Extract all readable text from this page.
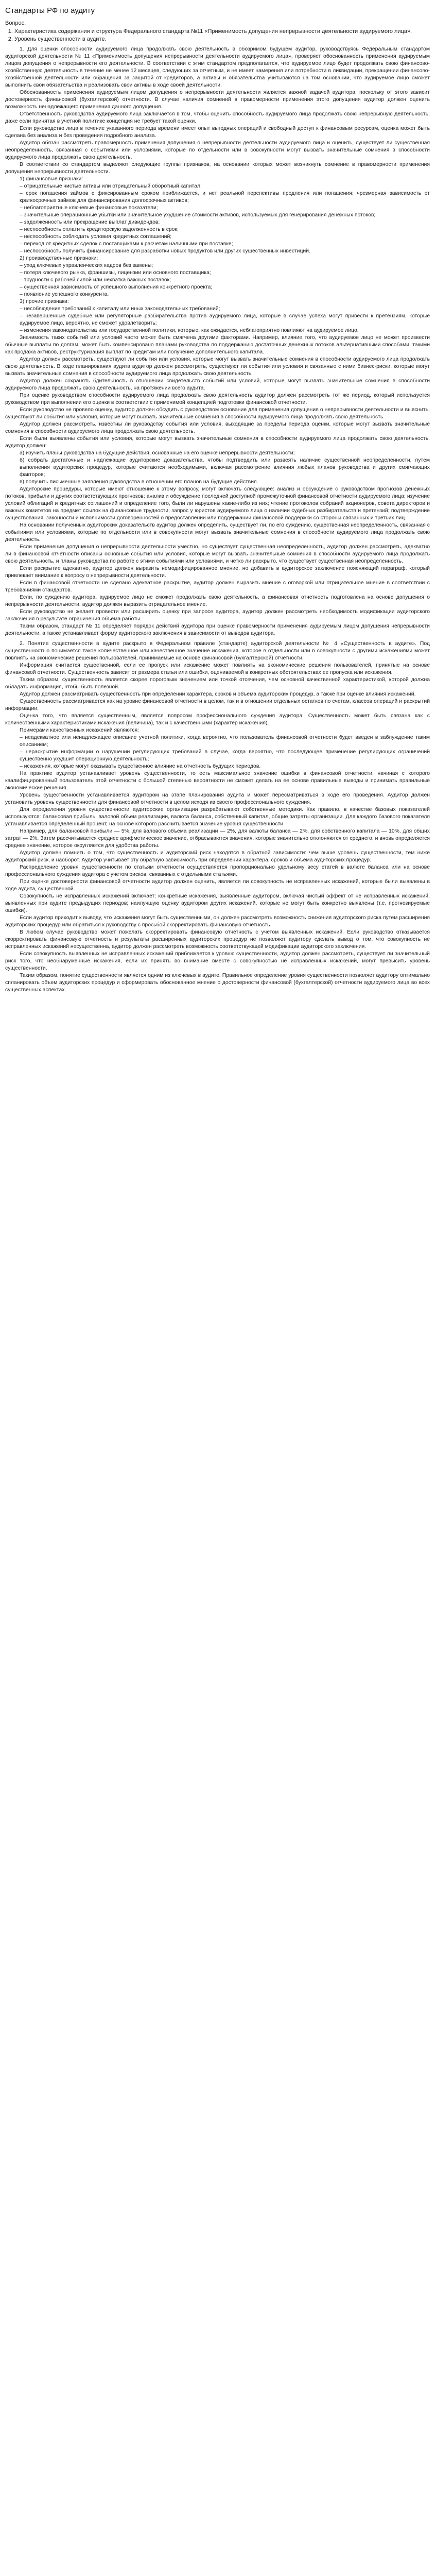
Стандарты РФ по аудиту
Вопрос:
1. Характеристика содержания и структура Федерального стандарта №11 «Применимость допущения непрерывности деятельности аудируемого лица».
2. Уровень существенности в аудите.

1. Для оценки способности аудируемого лица продолжать свою деятельность в обозримом будущем аудитор, руководствуясь Федеральным стандартом аудиторской деятельности № 11 «Применимость допущения непрерывности деятельности аудируемого лица», проверяет обоснованность применения аудируемым лицом допущения о непрерывности его деятельности. В соответствии с этим стандартом предполагается, что аудируемое лицо будет продолжать свою финансово-хозяйственную деятельность в течение не менее 12 месяцев, следующих за отчетным, и не имеет намерения или потребности в ликвидации, прекращении финансово-хозяйственной деятельности или обращения за защитой от кредиторов, а активы и обязательства учитываются на том основании, что аудируемое лицо сможет выполнить свои обязательства и реализовать свои активы в ходе своей деятельности.

Обоснованность применения аудируемым лицом допущения о непрерывности деятельности является важной задачей аудитора, поскольку от этого зависит достоверность финансовой (бухгалтерской) отчетности. В случае наличия сомнений в правомерности применения этого допущения аудитор должен оценить возможность ненадлежащего применения данного допущения.

Ответственность руководства аудируемого лица заключается в том, чтобы оценить способность аудируемого лица продолжать свою непрерывную деятельность, даже если принятая в учетной политике концепция не требует такой оценки.

Если руководство лица в течение указанного периода времени имеет опыт выгодных операций и свободный доступ к финансовым ресурсам, оценка может быть сделана без анализа и без проведения подробного анализа.

Аудитор обязан рассмотреть правомерность применения допущения о непрерывности деятельности аудируемого лица и оценить, существует ли существенная неопределенность, связанная с событиями или условиями, которые по отдельности или в совокупности могут вызвать значительные сомнения в способности аудируемого лица продолжать свою деятельность.

В соответствии со стандартом выделяют следующие группы признаков, на основании которых может возникнуть сомнение в правомерности применения допущения непрерывности деятельности.

1) финансовые признаки:

– отрицательные чистые активы или отрицательный оборотный капитал;

– срок погашения займов с фиксированным сроком приближается, и нет реальной перспективы продления или погашения; чрезмерная зависимость от краткосрочных займов для финансирования долгосрочных активов;

– неблагоприятные ключевые финансовые показатели;

– значительные операционные убытки или значительное ухудшение стоимости активов, используемых для генерирования денежных потоков;

– задолженность или прекращение выплат дивидендов;

– неспособность оплатить кредиторскую задолженность в срок;

– неспособность соблюдать условия кредитных соглашений;

– переход от кредитных сделок с поставщиками к расчетам наличными при поставке;

– неспособность получить финансирование для разработки новых продуктов или других существенных инвестиций.

2) производственные признаки:

– уход ключевых управленческих кадров без замены;

– потеря ключевого рынка, франшизы, лицензии или основного поставщика;

– трудности с рабочей силой или нехватка важных поставок;

– существенная зависимость от успешного выполнения конкретного проекта;

– появление успешного конкурента.

3) прочие признаки:

– несоблюдение требований к капиталу или иных законодательных требований;

– незавершенные судебные или регуляторные разбирательства против аудируемого лица, которые в случае успеха могут привести к претензиям, которые аудируемое лицо, вероятно, не сможет удовлетворить;

– изменения законодательства или государственной политики, которые, как ожидается, неблагоприятно повлияют на аудируемое лицо.

Значимость таких событий или условий часто может быть смягчена другими факторами. Например, влияние того, что аудируемое лицо не может произвести обычные выплаты по долгам, может быть компенсировано планами руководства по поддержанию достаточных денежных потоков альтернативными способами, такими как продажа активов, реструктуризация выплат по кредитам или получение дополнительного капитала.

Аудитор должен рассмотреть, существуют ли события или условия, которые могут вызвать значительные сомнения в способности аудируемого лица продолжать свою деятельность. В ходе планирования аудита аудитор должен рассмотреть, существуют ли события или условия и связанные с ними бизнес-риски, которые могут вызвать значительные сомнения в способности аудируемого лица продолжать свою деятельность.

Аудитор должен сохранять бдительность в отношении свидетельств событий или условий, которые могут вызвать значительные сомнения в способности аудируемого лица продолжать свою деятельность, на протяжении всего аудита.

При оценке руководством способности аудируемого лица продолжать свою деятельность аудитор должен рассмотреть тот же период, который используется руководством при выполнении его оценки в соответствии с применимой концепцией подготовки финансовой отчетности.

Если руководство не провело оценку, аудитор должен обсудить с руководством основание для применения допущения о непрерывности деятельности и выяснить, существуют ли события или условия, которые могут вызвать значительные сомнения в способности аудируемого лица продолжать свою деятельность.

Аудитор должен рассмотреть, известны ли руководству события или условия, выходящие за пределы периода оценки, которые могут вызвать значительные сомнения в способности аудируемого лица продолжать свою деятельность.

Если были выявлены события или условия, которые могут вызвать значительные сомнения в способности аудируемого лица продолжать свою деятельность, аудитор должен:

а) изучить планы руководства на будущие действия, основанные на его оценке непрерывности деятельности;

б) собрать достаточные и надлежащие аудиторские доказательства, чтобы подтвердить или развеять наличие существенной неопределенности, путем выполнения аудиторских процедур, которые считаются необходимыми, включая рассмотрение влияния любых планов руководства и других смягчающих факторов;

в) получить письменные заявления руководства в отношении его планов на будущие действия.

Аудиторские процедуры, которые имеют отношение к этому вопросу, могут включать следующее: анализ и обсуждение с руководством прогнозов денежных потоков, прибыли и других соответствующих прогнозов; анализ и обсуждение последней доступной промежуточной финансовой отчетности аудируемого лица; изучение условий облигаций и кредитных соглашений и определение того, были ли нарушены какие-либо из них; чтение протоколов собраний акционеров, совета директоров и важных комитетов на предмет ссылок на финансовые трудности; запрос у юристов аудируемого лица о наличии судебных разбирательств и претензий; подтверждение существования, законности и исполнимости договоренностей о предоставлении или поддержании финансовой поддержки со стороны связанных и третьих лиц.

На основании полученных аудиторских доказательств аудитор должен определить, существует ли, по его суждению, существенная неопределенность, связанная с событиями или условиями, которые по отдельности или в совокупности могут вызвать значительные сомнения в способности аудируемого лица продолжать свою деятельность.

Если применение допущения о непрерывности деятельности уместно, но существует существенная неопределенность, аудитор должен рассмотреть, адекватно ли в финансовой отчетности описаны основные события или условия, которые могут вызвать значительные сомнения в способности аудируемого лица продолжать свою деятельность, и планы руководства по работе с этими событиями или условиями, и четко ли раскрыто, что существует существенная неопределенность.

Если раскрытие адекватно, аудитор должен выразить немодифицированное мнение, но добавить в аудиторское заключение поясняющий параграф, который привлекает внимание к вопросу о непрерывности деятельности.

Если в финансовой отчетности не сделано адекватное раскрытие, аудитор должен выразить мнение с оговоркой или отрицательное мнение в соответствии с требованиями стандартов.

Если, по суждению аудитора, аудируемое лицо не сможет продолжать свою деятельность, а финансовая отчетность подготовлена на основе допущения о непрерывности деятельности, аудитор должен выразить отрицательное мнение.

Если руководство не желает провести или расширить оценку при запросе аудитора, аудитор должен рассмотреть необходимость модификации аудиторского заключения в результате ограничения объема работы.

Таким образом, стандарт № 11 определяет порядок действий аудитора при оценке правомерности применения аудируемым лицом допущения непрерывности деятельности, а также устанавливает форму аудиторского заключения в зависимости от выводов аудитора.

2. Понятие существенности в аудите раскрыто в Федеральном правиле (стандарте) аудиторской деятельности № 4 «Существенность в аудите». Под существенностью понимается такое количественное или качественное значение искажения, которое в отдельности или в совокупности с другими искажениями может повлиять на экономические решения пользователей, принимаемые на основе финансовой (бухгалтерской) отчетности.

Информация считается существенной, если ее пропуск или искажение может повлиять на экономические решения пользователей, принятые на основе финансовой отчетности. Существенность зависит от размера статьи или ошибки, оцениваемой в конкретных обстоятельствах ее пропуска или искажения.

Таким образом, существенность является скорее пороговым значением или точкой отсечения, чем основной качественной характеристикой, которой должна обладать информация, чтобы быть полезной.

Аудитор должен рассматривать существенность при определении характера, сроков и объема аудиторских процедур, а также при оценке влияния искажений.

Существенность рассматривается как на уровне финансовой отчетности в целом, так и в отношении отдельных остатков по счетам, классов операций и раскрытий информации.

Оценка того, что является существенным, является вопросом профессионального суждения аудитора. Существенность может быть связана как с количественными характеристиками искажения (величина), так и с качественными (характер искажения).

Примерами качественных искажений являются:

– неадекватное или ненадлежащее описание учетной политики, когда вероятно, что пользователь финансовой отчетности будет введен в заблуждение таким описанием;

– нераскрытие информации о нарушении регулирующих требований в случае, когда вероятно, что последующее применение регулирующих ограничений существенно ухудшит операционную деятельность;

– искажения, которые могут оказывать существенное влияние на отчетность будущих периодов.

На практике аудитор устанавливает уровень существенности, то есть максимальное значение ошибки в финансовой отчетности, начиная с которого квалифицированный пользователь этой отчетности с большой степенью вероятности не сможет делать на ее основе правильные выводы и принимать правильные экономические решения.

Уровень существенности устанавливается аудитором на этапе планирования аудита и может пересматриваться в ходе его проведения. Аудитор должен установить уровень существенности для финансовой отчетности в целом исходя из своего профессионального суждения.

Для определения уровня существенности аудиторские организации разрабатывают собственные методики. Как правило, в качестве базовых показателей используются: балансовая прибыль, валовой объем реализации, валюта баланса, собственный капитал, общие затраты организации. Для каждого базового показателя устанавливается определенный процент, на основе которого рассчитывается значение уровня существенности.

Например, для балансовой прибыли — 5%, для валового объема реализации — 2%, для валюты баланса — 2%, для собственного капитала — 10%, для общих затрат — 2%. Затем рассчитывается среднее арифметическое значение, отбрасываются значения, которые значительно отклоняются от среднего, и вновь определяется среднее значение, которое округляется для удобства работы.

Аудитор должен помнить о том, что существенность и аудиторский риск находятся в обратной зависимости: чем выше уровень существенности, тем ниже аудиторский риск, и наоборот. Аудитор учитывает эту обратную зависимость при определении характера, сроков и объема аудиторских процедур.

Распределение уровня существенности по статьям отчетности осуществляется пропорционально удельному весу статей в валюте баланса или на основе профессионального суждения аудитора с учетом рисков, связанных с отдельными статьями.

При оценке достоверности финансовой отчетности аудитор должен оценить, является ли совокупность не исправленных искажений, которые были выявлены в ходе аудита, существенной.

Совокупность не исправленных искажений включает: конкретные искажения, выявленные аудитором, включая чистый эффект от не исправленных искажений, выявленных при аудите предыдущих периодов; наилучшую оценку аудитором других искажений, которые не могут быть конкретно выявлены (т.е. прогнозируемые ошибки).

Если аудитор приходит к выводу, что искажения могут быть существенными, он должен рассмотреть возможность снижения аудиторского риска путем расширения аудиторских процедур или обратиться к руководству с просьбой скорректировать финансовую отчетность.

В любом случае руководство может пожелать скорректировать финансовую отчетность с учетом выявленных искажений. Если руководство отказывается скорректировать финансовую отчетность и результаты расширенных аудиторских процедур не позволяют аудитору сделать вывод о том, что совокупность не исправленных искажений несущественна, аудитор должен рассмотреть возможность соответствующей модификации аудиторского заключения.

Если совокупность выявленных не исправленных искажений приближается к уровню существенности, аудитор должен рассмотреть, существует ли значительный риск того, что необнаруженные искажения, если их принять во внимание вместе с совокупностью не исправленных искажений, могут превысить уровень существенности.

Таким образом, понятие существенности является одним из ключевых в аудите. Правильное определение уровня существенности позволяет аудитору оптимально спланировать объем аудиторских процедур и сформировать обоснованное мнение о достоверности финансовой (бухгалтерской) отчетности аудируемого лица во всех существенных аспектах.
